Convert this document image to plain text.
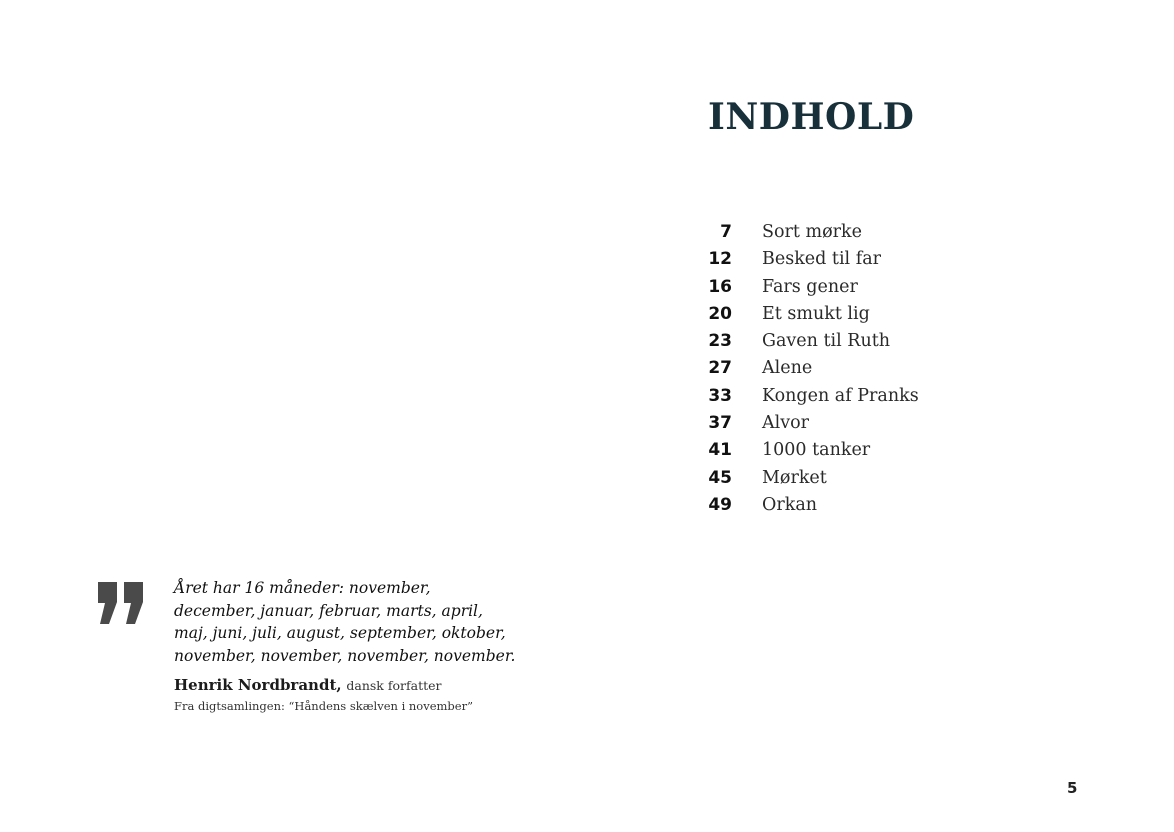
INDHOLD
7 Sort mørke
12 Besked til far
16 Fars gener
20 Et smukt lig
23 Gaven til Ruth
27 Alene
33 Kongen af Pranks
37 Alvor
41 1000 tanker
45 Mørket
49 Orkan
Året har 16 måneder: november,
december, januar, februar, marts, april,
maj, juni, juli, august, september, oktober,
november, november, november, november.
Henrik Nordbrandt, dansk forfatter
Fra digtsamlingen: “Håndens skælven i november”
5
